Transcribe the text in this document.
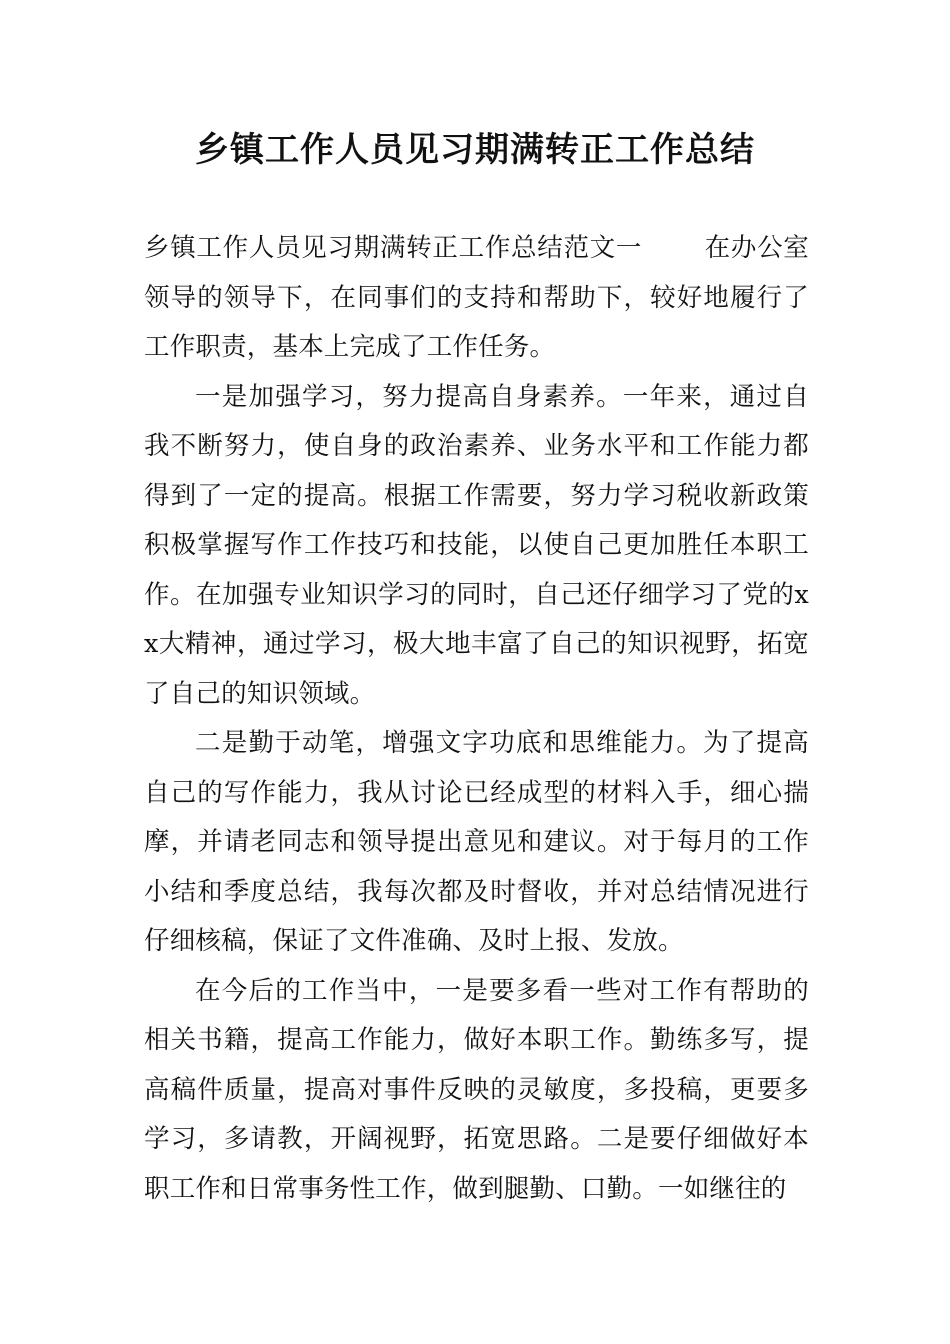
乡镇工作人员见习期满转正工作总结

乡镇工作人员见习期满转正工作总结范文一 在办公室领导的领导下，在同事们的支持和帮助下，较好地履行了工作职责，基本上完成了工作任务。

一是加强学习，努力提高自身素养。一年来，通过自我不断努力，使自身的政治素养、业务水平和工作能力都得到了一定的提高。根据工作需要，努力学习税收新政策积极掌握写作工作技巧和技能，以使自己更加胜任本职工作。在加强专业知识学习的同时，自己还仔细学习了党的xx大精神，通过学习，极大地丰富了自己的知识视野，拓宽了自己的知识领域。

二是勤于动笔，增强文字功底和思维能力。为了提高自己的写作能力，我从讨论已经成型的材料入手，细心揣摩，并请老同志和领导提出意见和建议。对于每月的工作小结和季度总结，我每次都及时督收，并对总结情况进行仔细核稿，保证了文件准确、及时上报、发放。

在今后的工作当中，一是要多看一些对工作有帮助的相关书籍，提高工作能力，做好本职工作。勤练多写，提高稿件质量，提高对事件反映的灵敏度，多投稿，更要多学习，多请教，开阔视野，拓宽思路。二是要仔细做好本职工作和日常事务性工作，做到腿勤、口勤。一如继往的
